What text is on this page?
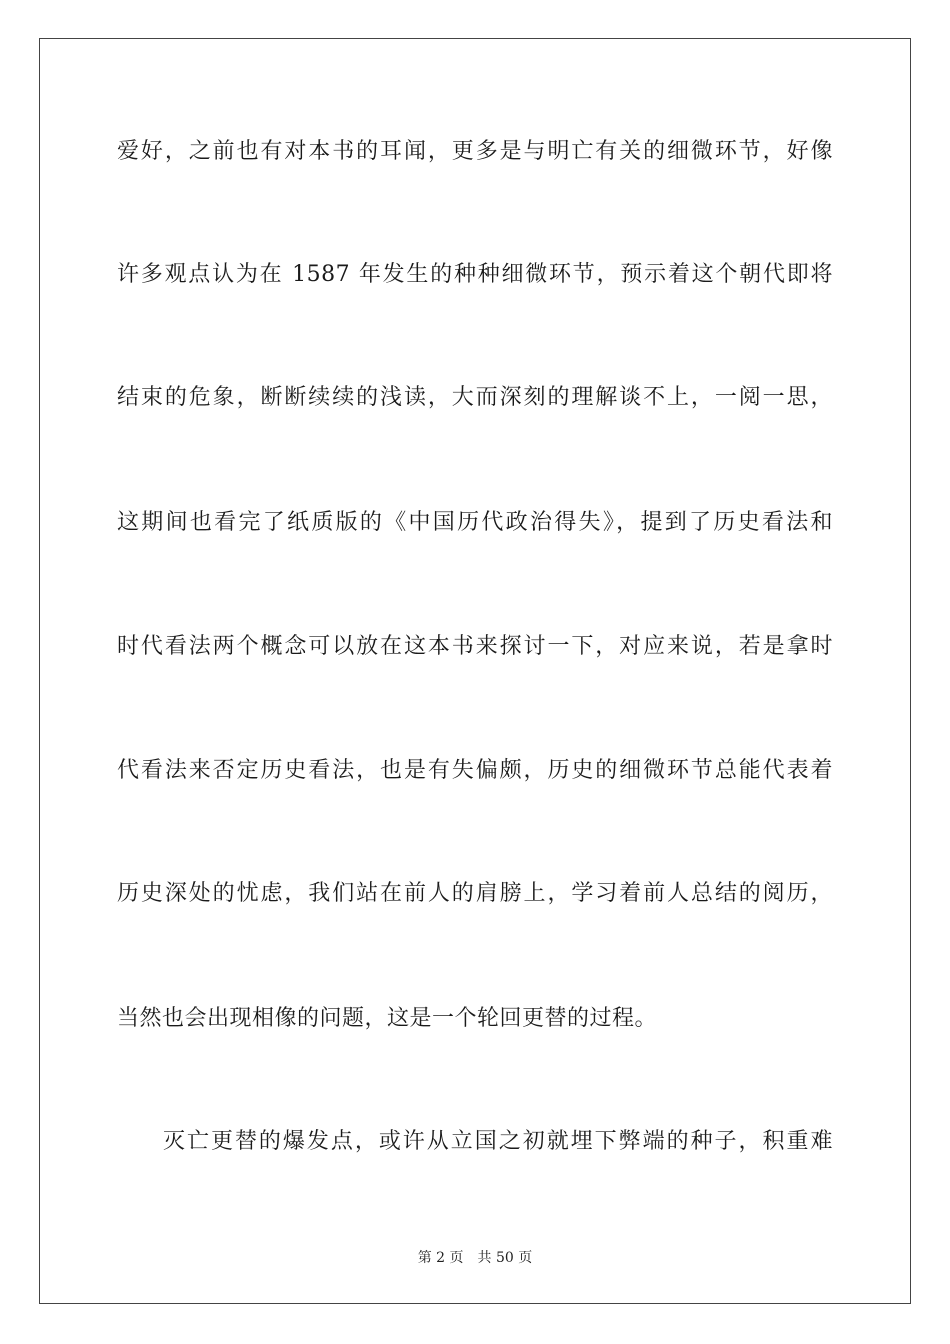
爱好，之前也有对本书的耳闻，更多是与明亡有关的细微环节，好像
许多观点认为在 1587 年发生的种种细微环节，预示着这个朝代即将
结束的危象，断断续续的浅读，大而深刻的理解谈不上，一阅一思，
这期间也看完了纸质版的《中国历代政治得失》，提到了历史看法和
时代看法两个概念可以放在这本书来探讨一下，对应来说，若是拿时
代看法来否定历史看法，也是有失偏颇，历史的细微环节总能代表着
历史深处的忧虑，我们站在前人的肩膀上，学习着前人总结的阅历，
当然也会出现相像的问题，这是一个轮回更替的过程。
灭亡更替的爆发点，或许从立国之初就埋下弊端的种子，积重难
第 2 页 共 50 页
